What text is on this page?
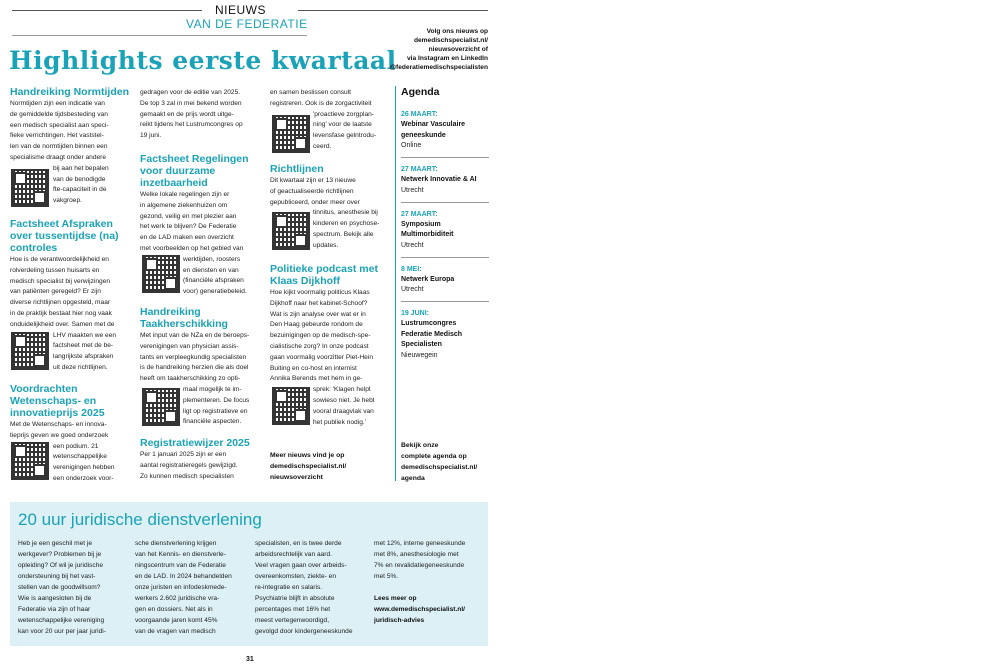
NIEUWS
VAN DE FEDERATIE
Highlights eerste kwartaal

Volg ons nieuws op

demedischspecialist.nl/

nieuwsoverzicht of

via Instagram en LinkedIn

@federatiemedischspecialisten

Handreiking Normtijden

Normtijden zijn een indicatie van

de gemiddelde tijdsbesteding van

een medisch specialist aan speci-

fieke verrichtingen. Het vaststel-

len van de normtijden binnen een

specialisme draagt onder andere

bij aan het bepalen

van de benodigde

fte-capaciteit in de

vakgroep.

Factsheet Afspraken

over tussentijdse (na)

controles

Hoe is de verantwoordelijkheid en

rolverdeling tussen huisarts en

medisch specialist bij verwijzingen

van patiënten geregeld? Er zijn

diverse richtlijnen opgesteld, maar

in de praktijk bestaat hier nog vaak

onduidelijkheid over. Samen met de

LHV maakten we een

factsheet met de be-

langrijkste afspraken

uit deze richtlijnen.

Voordrachten

Wetenschaps- en

innovatieprijs 2025

Met de Wetenschaps- en innova-

tieprijs geven we goed onderzoek

een podium. 21

wetenschappelijke

verenigingen hebben

een onderzoek voor-

gedragen voor de editie van 2025.

De top 3 zal in mei bekend worden

gemaakt en de prijs wordt uitge-

reikt tijdens het Lustrumcongres op

19 juni.

Factsheet Regelingen

voor duurzame

inzetbaarheid

Welke lokale regelingen zijn er

in algemene ziekenhuizen om

gezond, veilig en met plezier aan

het werk te blijven? De Federatie

en de LAD maken een overzicht

met voorbeelden op het gebied van

werktijden, roosters

en diensten en van

(financiële afspraken

voor) generatiebeleid.

Handreiking

Taakherschikking

Met input van de NZa en de beroeps-

verenigingen van physician assis-

tants en verpleegkundig specialisten

is de handreiking herzien die als doel

heeft om taakherschikking zo opti-

maal mogelijk te im-

plementeren. De focus

ligt op registratieve en

financiële aspecten.

Registratiewijzer 2025

Per 1 januari 2025 zijn er een

aantal registratieregels gewijzigd.

Zo kunnen medisch specialisten

en samen beslissen consult

registreren. Ook is de zorgactiviteit

'proactieve zorgplan-

ning' voor de laatste

levensfase gelntrodu-

ceerd.

Richtlijnen

Dit kwartaal zijn er 13 nieuwe

of geactualiseerde richtlijnen

gepubliceerd, onder meer over

tinnitus, anesthesie bij

kinderen en psychose-

spectrum. Bekijk alle

updates.

Politieke podcast met

Klaas Dijkhoff

Hoe kijkt voormalig politicus Klaas

Dijkhoff naar het kabinet-Schoof?

Wat is zijn analyse over wat er in

Den Haag gebeurde rondom de

bezuinigingen op de medisch-spe-

cialistische zorg? In onze podcast

gaan voormalig voorzitter Piet-Hein

Buiting en co-host en internist

Annika Berends met hem in ge-

sprek: 'Klagen helpt

sowieso niet. Je hebt

vooral draagvlak van

het publiek nodig.'

Meer nieuws vind je op

demedischspecialist.nl/

nieuwsoverzicht

Agenda

26 MAART:

Webinar Vasculaire

geneeskunde

Online

27 MAART:

Netwerk Innovatie & AI

Utrecht

27 MAART:

Symposium

Multimorbiditeit

Utrecht

8 MEI:

Netwerk Europa

Utrecht

19 JUNI:

Lustrumcongres

Federatie Medisch

Specialisten

Nieuwegein

Bekijk onze

complete agenda op

demedischspecialist.nl/

agenda

20 uur juridische dienstverlening

Heb je een geschil met je

werkgever? Problemen bij je

opleiding? Of wil je juridische

ondersteuning bij het vast-

stellen van de goodwillsom?

Wie is aangesloten bij de

Federatie via zijn of haar

wetenschappelijke vereniging

kan voor 20 uur per jaar juridi-

sche dienstverlening krijgen

van het Kennis- en dienstverle-

ningscentrum van de Federatie

en de LAD. In 2024 behandelden

onze juristen en infodeskmede-

werkers 2.602 juridische vra-

gen en dossiers. Net als in

voorgaande jaren komt 45%

van de vragen van medisch

specialisten, en is twee derde

arbeidsrechtelijk van aard.

Veel vragen gaan over arbeids-

overeenkomsten, ziekte- en

re-integratie en salaris.

Psychiatrie blijft in absolute

percentages met 16% het

meest vertegenwoordigd,

gevolgd door kindergeneeskunde

met 12%, interne geneeskunde

met 8%, anesthesiologie met

7% en revalidatiegeneeskunde

met 5%.

Lees meer op

www.demedischspecialist.nl/

juridisch-advies

31
